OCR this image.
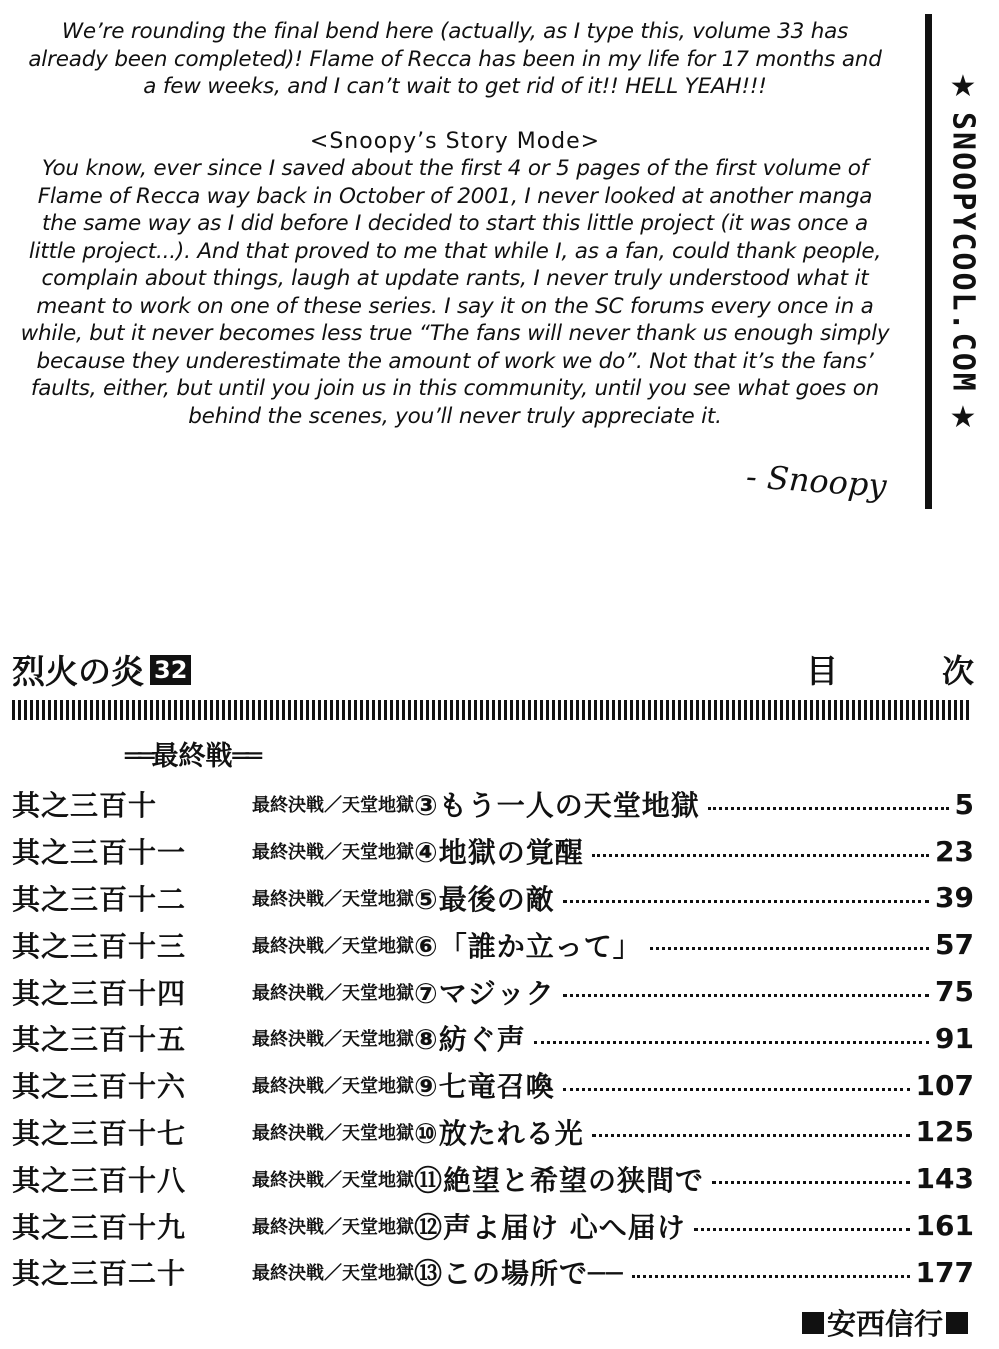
We’re rounding the final bend here (actually, as I type this, volume 33 has already been completed)! Flame of Recca has been in my life for 17 months and a few weeks, and I can’t wait to get rid of it!! HELL YEAH!!!

<Snoopy’s Story Mode>

You know, ever since I saved about the first 4 or 5 pages of the first volume of Flame of Recca way back in October of 2001, I never looked at another manga the same way as I did before I decided to start this little project (it was once a little project...). And that proved to me that while I, as a fan, could thank people, complain about things, laugh at update rants, I never truly understood what it meant to work on one of these series. I say it on the SC forums every once in a while, but it never becomes less true “The fans will never thank us enough simply because they underestimate the amount of work we do”. Not that it’s the fans’ faults, either, but until you join us in this community, until you see what goes on behind the scenes, you’ll never truly appreciate it.

- Snoopy
★
SNOOPYCOOL.COM
★
烈火の炎 32	目	次
══最終戦══
其之三百十	最終決戦／天堂地獄 ③もう一人の天堂地獄	5
其之三百十一	最終決戦／天堂地獄 ④地獄の覚醒	23
其之三百十二	最終決戦／天堂地獄 ⑤最後の敵	39
其之三百十三	最終決戦／天堂地獄 ⑥「誰か立って」	57
其之三百十四	最終決戦／天堂地獄 ⑦マジック	75
其之三百十五	最終決戦／天堂地獄 ⑧紡ぐ声	91
其之三百十六	最終決戦／天堂地獄 ⑨七竜召喚	107
其之三百十七	最終決戦／天堂地獄 ⑩放たれる光	125
其之三百十八	最終決戦／天堂地獄 ⑪絶望と希望の狭間で	143
其之三百十九	最終決戦／天堂地獄 ⑫声よ届け 心へ届け	161
其之三百二十	最終決戦／天堂地獄 ⑬この場所で──	177
安西信行
